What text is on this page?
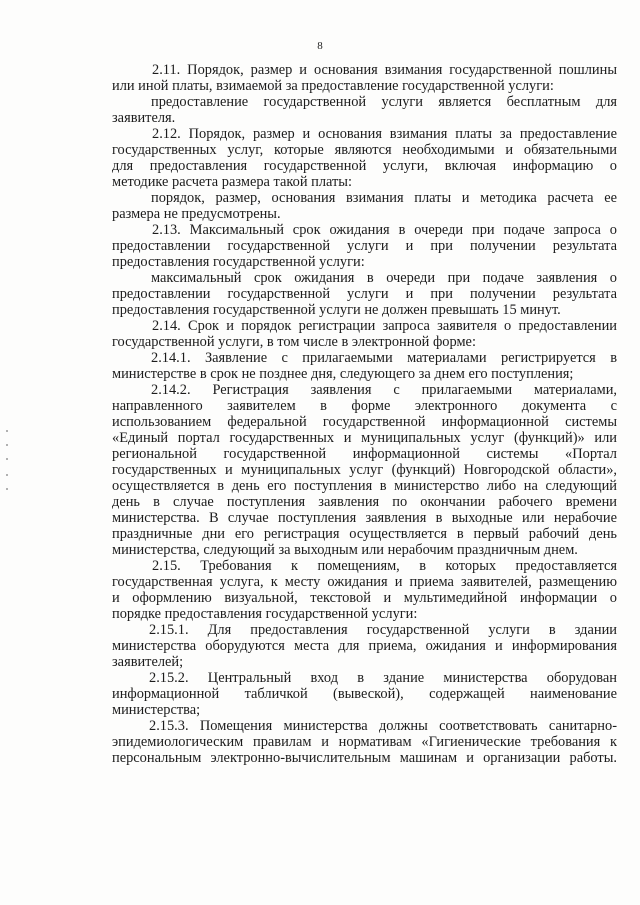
8
2.11. Порядок, размер и основания взимания государственной пошлины
или иной платы, взимаемой за предоставление государственной услуги:
предоставление государственной услуги является бесплатным для
заявителя.
2.12. Порядок, размер и основания взимания платы за предоставление
государственных услуг, которые являются необходимыми и обязательными
для предоставления государственной услуги, включая информацию о
методике расчета размера такой платы:
порядок, размер, основания взимания платы и методика расчета ее
размера не предусмотрены.
2.13. Максимальный срок ожидания в очереди при подаче запроса о
предоставлении государственной услуги и при получении результата
предоставления государственной услуги:
максимальный срок ожидания в очереди при подаче заявления о
предоставлении государственной услуги и при получении результата
предоставления государственной услуги не должен превышать 15 минут.
2.14. Срок и порядок регистрации запроса заявителя о предоставлении
государственной услуги, в том числе в электронной форме:
2.14.1. Заявление с прилагаемыми материалами регистрируется в
министерстве в срок не позднее дня, следующего за днем его поступления;
2.14.2. Регистрация заявления с прилагаемыми материалами,
направленного заявителем в форме электронного документа с
использованием федеральной государственной информационной системы
«Единый портал государственных и муниципальных услуг (функций)» или
региональной государственной информационной системы «Портал
государственных и муниципальных услуг (функций) Новгородской области»,
осуществляется в день его поступления в министерство либо на следующий
день в случае поступления заявления по окончании рабочего времени
министерства. В случае поступления заявления в выходные или нерабочие
праздничные дни его регистрация осуществляется в первый рабочий день
министерства, следующий за выходным или нерабочим праздничным днем.
2.15. Требования к помещениям, в которых предоставляется
государственная услуга, к месту ожидания и приема заявителей, размещению
и оформлению визуальной, текстовой и мультимедийной информации о
порядке предоставления государственной услуги:
2.15.1. Для предоставления государственной услуги в здании
министерства оборудуются места для приема, ожидания и информирования
заявителей;
2.15.2. Центральный вход в здание министерства оборудован
информационной табличкой (вывеской), содержащей наименование
министерства;
2.15.3. Помещения министерства должны соответствовать санитарно-
эпидемиологическим правилам и нормативам «Гигиенические требования к
персональным электронно-вычислительным машинам и организации работы.
